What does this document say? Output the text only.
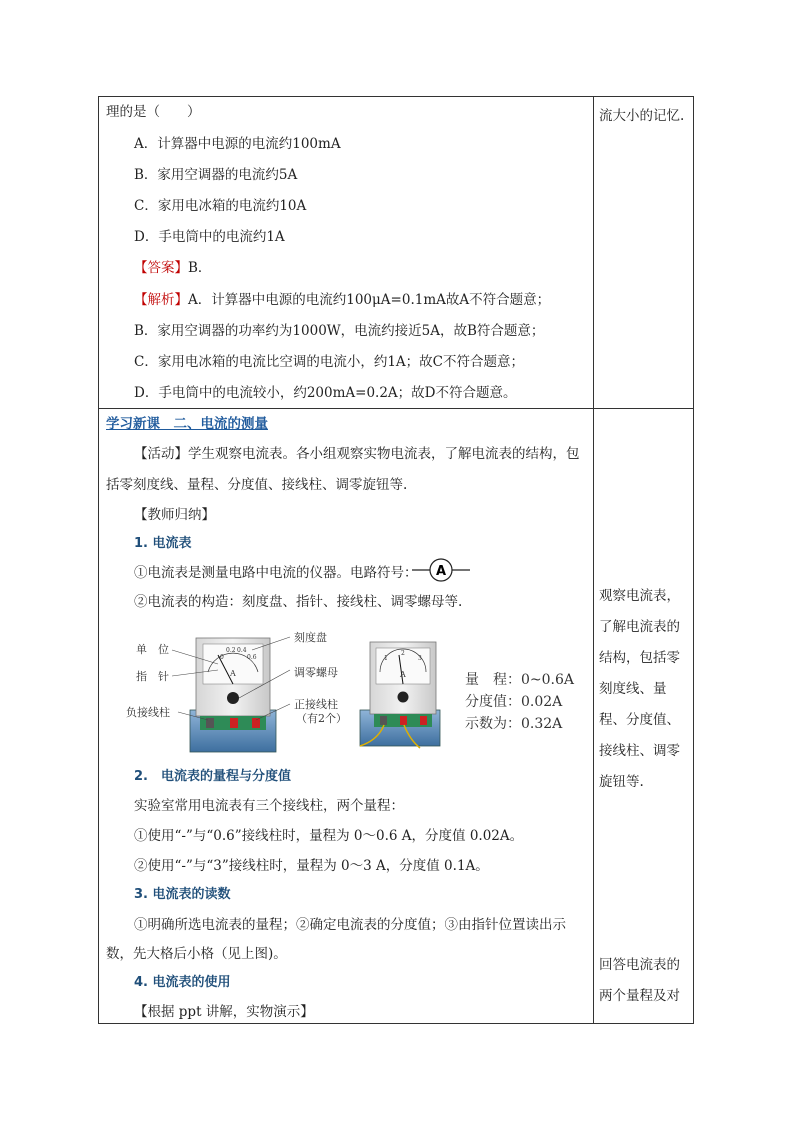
理的是（　　）
A．计算器中电源的电流约100mA
B．家用空调器的电流约5A
C．家用电冰箱的电流约10A
D．手电筒中的电流约1A
【答案】B．
【解析】A．计算器中电源的电流约100μA=0.1mA故A不符合题意；
B．家用空调器的功率约为1000W，电流约接近5A，故B符合题意；
C．家用电冰箱的电流比空调的电流小，约1A；故C不符合题意；
D．手电筒中的电流较小，约200mA=0.2A；故D不符合题意。
流大小的记忆.
学习新课　二、电流的测量
【活动】学生观察电流表。各小组观察实物电流表，了解电流表的结构，包
括零刻度线、量程、分度值、接线柱、调零旋钮等.
【教师归纳】
1. 电流表
①电流表是测量电路中电流的仪器。电路符号： A
②电流表的构造：刻度盘、指针、接线柱、调零螺母等.
0
0.2 0.4
0.6
A
1
2
3
A
单　位
指　针
刻度盘
调零螺母
负接线柱
正接线柱
（有2个）
量　程：0~0.6A
分度值：0.02A
示数为：0.32A
2.　电流表的量程与分度值
实验室常用电流表有三个接线柱，两个量程：
①使用“-”与“0.6”接线柱时，量程为 0～0.6 A，分度值 0.02A。
②使用“-”与“3”接线柱时，量程为 0～3 A，分度值 0.1A。
3. 电流表的读数
①明确所选电流表的量程；②确定电流表的分度值；③由指针位置读出示
数，先大格后小格（见上图)。
4. 电流表的使用
【根据 ppt 讲解，实物演示】
观察电流表，
了解电流表的
结构，包括零
刻度线、量
程、分度值、
接线柱、调零
旋钮等.
回答电流表的
两个量程及对
